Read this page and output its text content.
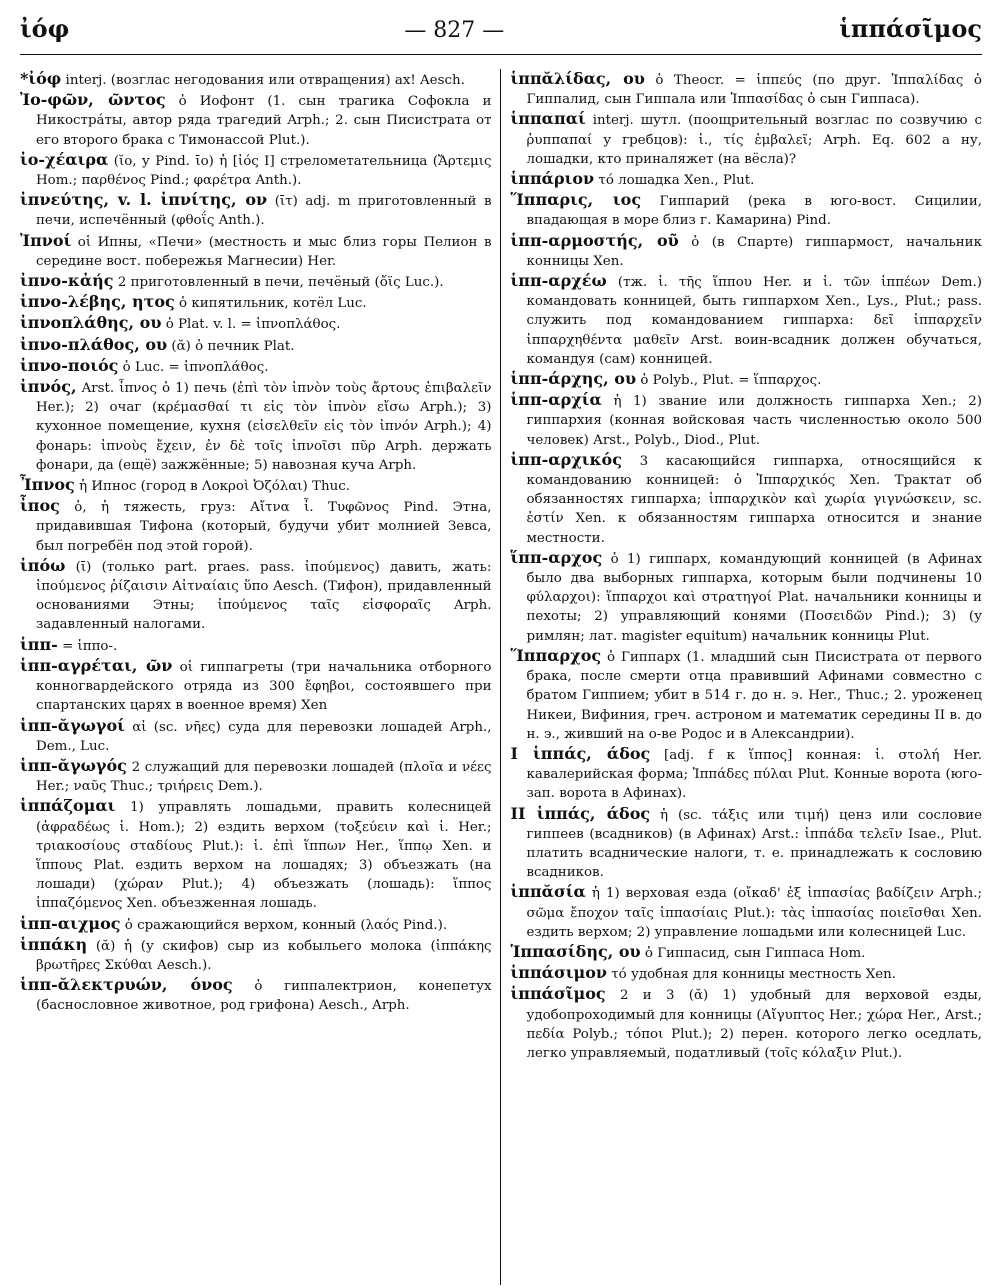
ἰόφ	— 827 —	ἱππάσῖμος
*ἰόφ interj. (возглас негодования или отвращения) ах! Aesch.
Ἰο-φῶν, ῶντος ὁ Иофонт (1. сын трагика Софокла и Никострáты, автор ряда трагедий Arph.; 2. сын Писистрата от его второго брака с Тимонассой Plut.).
ἰο-χέαιρα (ῐο, у Pind. ῑο) ἡ [ἰός I] стрелометательница (Ἄρτεμις Hom.; παρθένος Pind.; φαρέτρα Anth.).
ἰπνεύτης, v. l. ἰπνίτης, ον (ῑτ) adj. m приготовленный в печи, испечённый (φθοΐς Anth.).
Ἰπνοί οἱ Ипны, «Печи» (местность и мыс близ горы Пелион в середине вост. побережья Магнесии) Her.
ἰπνο-κἀής 2 приготовленный в печи, печёный (ὄϊς Luc.).
ἰπνο-λέβης, ητος ὁ кипятильник, котёл Luc.
ἰπνοπλάθης, ου ὁ Plat. v. l. = ἰπνοπλάθος.
ἰπνο-πλάθος, ου (ᾰ) ὁ печник Plat.
ἰπνο-ποιός ὁ Luc. = ἰπνοπλάθος.
ἰπνός, Arst. ἶπνος ὁ 1) печь (ἐπὶ τὸν ἰπνὸν τοὺς ἄρτους ἐπιβαλεῖν Her.); 2) очаг (κρέμασθαί τι εἰς τὸν ἰπνὸν εἴσω Arph.); 3) кухонное помещение, кухня (εἰσελθεῖν εἰς τὸν ἰπνόν Arph.); 4) фонарь: ἰπνοὺς ἔχειν, ἐν δὲ τοῖς ἰπνοῖσι πῦρ Arph. держать фонари, да (ещё) зажжённые; 5) навозная куча Arph.
Ἶπνος ἡ Ипнос (город в Λοκροὶ Ὀζόλαι) Thuc.
ἶπος ὁ, ἡ тяжесть, груз: Αἴτνα ἶ. Τυφῶνος Pind. Этна, придавившая Тифона (который, будучи убит молнией Зевса, был погребён под этой горой).
ἰπόω (ῑ) (только part. praes. pass. ἰπούμενος) давить, жать: ἰπούμενος ῥίζαισιν Αἰτναίαις ὕπο Aesch. (Тифон), придавленный основаниями Этны; ἰπούμενος ταῖς εἰσφοραῖς Arph. задавленный налогами.
ἱππ- = ἱππο-.
ἱππ-αγρέται, ῶν οἱ гиппагреты (три начальника отборного конногвардейского отряда из 300 ἔφηβοι, состоявшего при спартанских царях в военное время) Xen
ἱππ-ᾰγωγοί αἱ (sc. νῆες) суда для перевозки лошадей Arph., Dem., Luc.
ἱππ-ᾰγωγός 2 служащий для перевозки лошадей (πλοῖα и νέες Her.; ναῦς Thuc.; τριήρεις Dem.).
ἱππάζομαι 1) управлять лошадьми, править колесницей (ἀφραδέως ἱ. Hom.); 2) ездить верхом (τοξεύειν καὶ ἱ. Her.; τριακοσίους σταδίους Plut.): ἱ. ἐπὶ ἵππων Her., ἵππῳ Xen. и ἵππους Plat. ездить верхом на лошадях; 3) объезжать (на лошади) (χώραν Plut.); 4) объезжать (лошадь): ἵππος ἱππαζόμενος Xen. объезженная лошадь.
ἱππ-αιχμος ὁ сражающийся верхом, конный (λαός Pind.).
ἱππάκη (ᾰ) ἡ (у скифов) сыр из кобыльего молока (ἱππάκης βρωτῆρες Σκύθαι Aesch.).
ἱππ-ᾰλεκτρυών, όνος ὁ гиппалектрион, конепетух (баснословное животное, род грифона) Aesch., Arph.
ἱππᾰλίδας, ου ὁ Theocr. = ἱππεύς (по друг. Ἱππαλίδας ὁ Гиппалид, сын Гиппала или Ἱππασίδας ὁ сын Гиппаса).
ἱππαπαί interj. шутл. (поощрительный возглас по созвучию с ῥυππαπαί у гребцов): ἱ., τίς ἐμβαλεῖ; Arph. Eq. 602 а ну, лошадки, кто приналяжет (на вёсла)?
ἱππάριον τό лошадка Xen., Plut.
Ἵππαρις, ιος Гиппарий (река в юго-вост. Сицилии, впадающая в море близ г. Камарина) Pind.
ἱππ-αρμοστής, οῦ ὁ (в Спарте) гиппармост, начальник конницы Xen.
ἱππ-αρχέω (тж. ἱ. τῆς ἵππου Her. и ἱ. τῶν ἱππέων Dem.) командовать конницей, быть гиппархом Xen., Lys., Plut.; pass. служить под командованием гиппарха: δεῖ ἱππαρχεῖν ἱππαρχηθέντα μαθεῖν Arst. воин-всадник должен обучаться, командуя (сам) конницей.
ἱππ-άρχης, ου ὁ Polyb., Plut. = ἵππαρχος.
ἱππ-αρχία ἡ 1) звание или должность гиппарха Xen.; 2) гиппархия (конная войсковая часть численностью около 500 человек) Arst., Polyb., Diod., Plut.
ἱππ-αρχικός 3 касающийся гиппарха, относящийся к командованию конницей: ὁ Ἱππαρχικός Xen. Трактат об обязанностях гиппарха; ἱππαρχικὸν καὶ χωρία γιγνώσκειν, sc. ἐστίν Xen. к обязанностям гиппарха относится и знание местности.
ἵππ-αρχος ὁ 1) гиппарх, командующий конницей (в Афинах было два выборных гиппарха, которым были подчинены 10 φύλαρχοι): ἵππαρχοι καὶ στρατηγοί Plat. начальники конницы и пехоты; 2) управляющий конями (Ποσειδῶν Pind.); 3) (у римлян; лат. magister equitum) начальник конницы Plut.
Ἵππαρχος ὁ Гиппарх (1. младший сын Писистрата от первого брака, после смерти отца правивший Афинами совместно с братом Гиппием; убит в 514 г. до н. э. Her., Thuc.; 2. уроженец Никеи, Вифиния, греч. астроном и математик середины II в. до н. э., живший на о-ве Родос и в Александрии).
I ἱππάς, άδος [adj. f к ἵππος] конная: ἱ. στολή Her. кавалерийская форма; Ἱππάδες πύλαι Plut. Конные ворота (юго-зап. ворота в Афинах).
II ἱππάς, άδος ἡ (sc. τάξις или τιμή) ценз или сословие гиппеев (всадников) (в Афинах) Arst.: ἱππάδα τελεῖν Isae., Plut. платить всаднические налоги, т. е. принадлежать к сословию всадников.
ἱππᾰσία ἡ 1) верховая езда (οἴκαδ' ἐξ ἱππασίας βαδίζειν Arph.; σῶμα ἔποχον ταῖς ἱππασίαις Plut.): τὰς ἱππασίας ποιεῖσθαι Xen. ездить верхом; 2) управление лошадьми или колесницей Luc.
Ἱππασίδης, ου ὁ Гиппасид, сын Гиппаса Hom.
ἱππάσιμον τό удобная для конницы местность Xen.
ἱππάσῖμος 2 и 3 (ᾰ) 1) удобный для верховой езды, удобопроходимый для конницы (Αἴγυπτος Her.; χώρα Her., Arst.; πεδία Polyb.; τόποι Plut.); 2) перен. которого легко оседлать, легко управляемый, податливый (τοῖς κόλαξιν Plut.).
